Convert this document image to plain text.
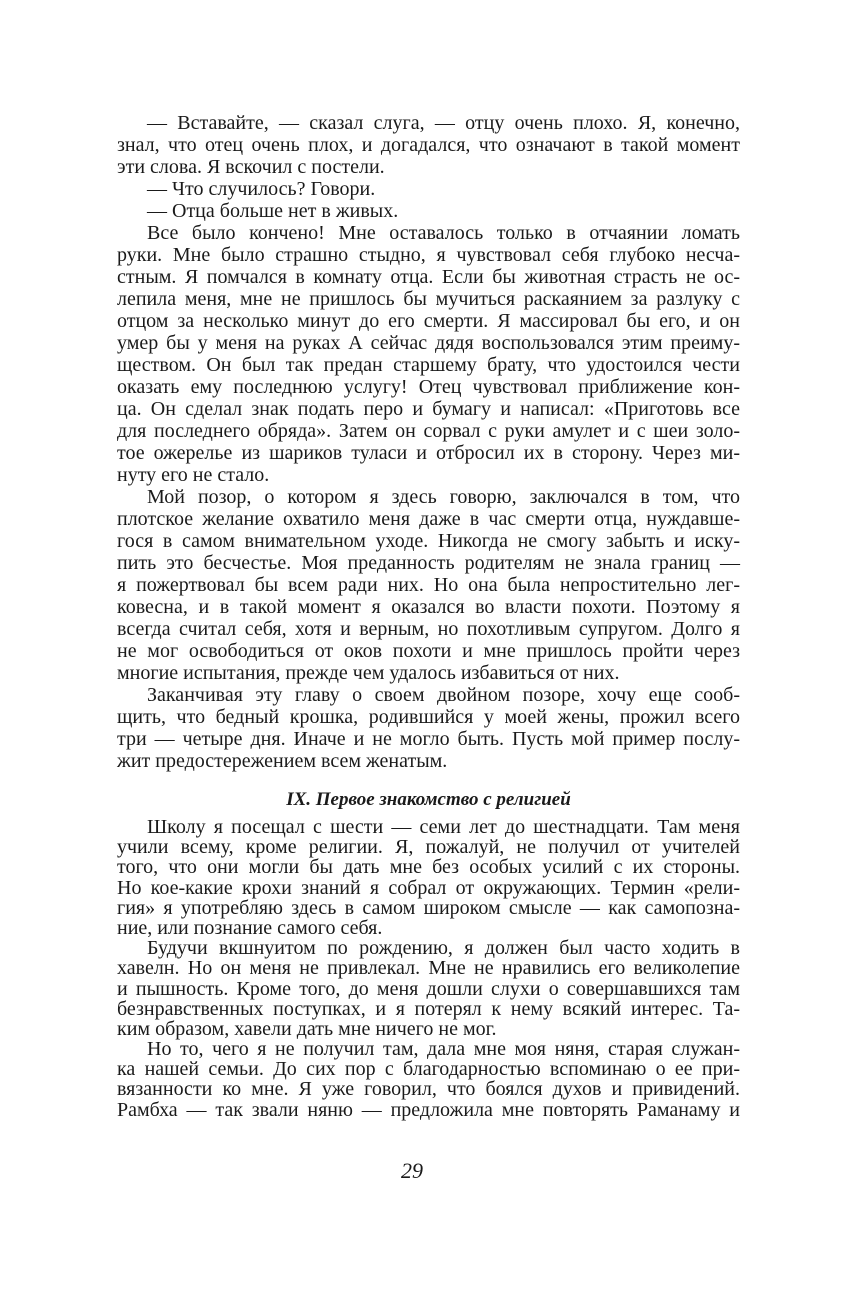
— Вставайте, — сказал слуга, — отцу очень плохо. Я, конечно,
знал, что отец очень плох, и догадался, что означают в такой момент
эти слова. Я вскочил с постели.
— Что случилось? Говори.
— Отца больше нет в живых.
Все было кончено! Мне оставалось только в отчаянии ломать
руки. Мне было страшно стыдно, я чувствовал себя глубоко несча-
стным. Я помчался в комнату отца. Если бы животная страсть не ос-
лепила меня, мне не пришлось бы мучиться раскаянием за разлуку с
отцом за несколько минут до его смерти. Я массировал бы его, и он
умер бы у меня на руках А сейчас дядя воспользовался этим преиму-
ществом. Он был так предан старшему брату, что удостоился чести
оказать ему последнюю услугу! Отец чувствовал приближение кон-
ца. Он сделал знак подать перо и бумагу и написал: «Приготовь все
для последнего обряда». Затем он сорвал с руки амулет и с шеи золо-
тое ожерелье из шариков туласи и отбросил их в сторону. Через ми-
нуту его не стало.
Мой позор, о котором я здесь говорю, заключался в том, что
плотское желание охватило меня даже в час смерти отца, нуждавше-
гося в самом внимательном уходе. Никогда не смогу забыть и иску-
пить это бесчестье. Моя преданность родителям не знала границ —
я пожертвовал бы всем ради них. Но она была непростительно лег-
ковесна, и в такой момент я оказался во власти похоти. Поэтому я
всегда считал себя, хотя и верным, но похотливым супругом. Долго я
не мог освободиться от оков похоти и мне пришлось пройти через
многие испытания, прежде чем удалось избавиться от них.
Заканчивая эту главу о своем двойном позоре, хочу еще сооб-
щить, что бедный крошка, родившийся у моей жены, прожил всего
три — четыре дня. Иначе и не могло быть. Пусть мой пример послу-
жит предостережением всем женатым.
IX. Первое знакомство с религией
Школу я посещал с шести — семи лет до шестнадцати. Там меня
учили всему, кроме религии. Я, пожалуй, не получил от учителей
того, что они могли бы дать мне без особых усилий с их стороны.
Но кое-какие крохи знаний я собрал от окружающих. Термин «рели-
гия» я употребляю здесь в самом широком смысле — как самопозна-
ние, или познание самого себя.
Будучи вкшнуитом по рождению, я должен был часто ходить в
хавелн. Но он меня не привлекал. Мне не нравились его великолепие
и пышность. Кроме того, до меня дошли слухи о совершавшихся там
безнравственных поступках, и я потерял к нему всякий интерес. Та-
ким образом, хавели дать мне ничего не мог.
Но то, чего я не получил там, дала мне моя няня, старая служан-
ка нашей семьи. До сих пор с благодарностью вспоминаю о ее при-
вязанности ко мне. Я уже говорил, что боялся духов и привидений.
Рамбха — так звали няню — предложила мне повторять Раманаму и
29
